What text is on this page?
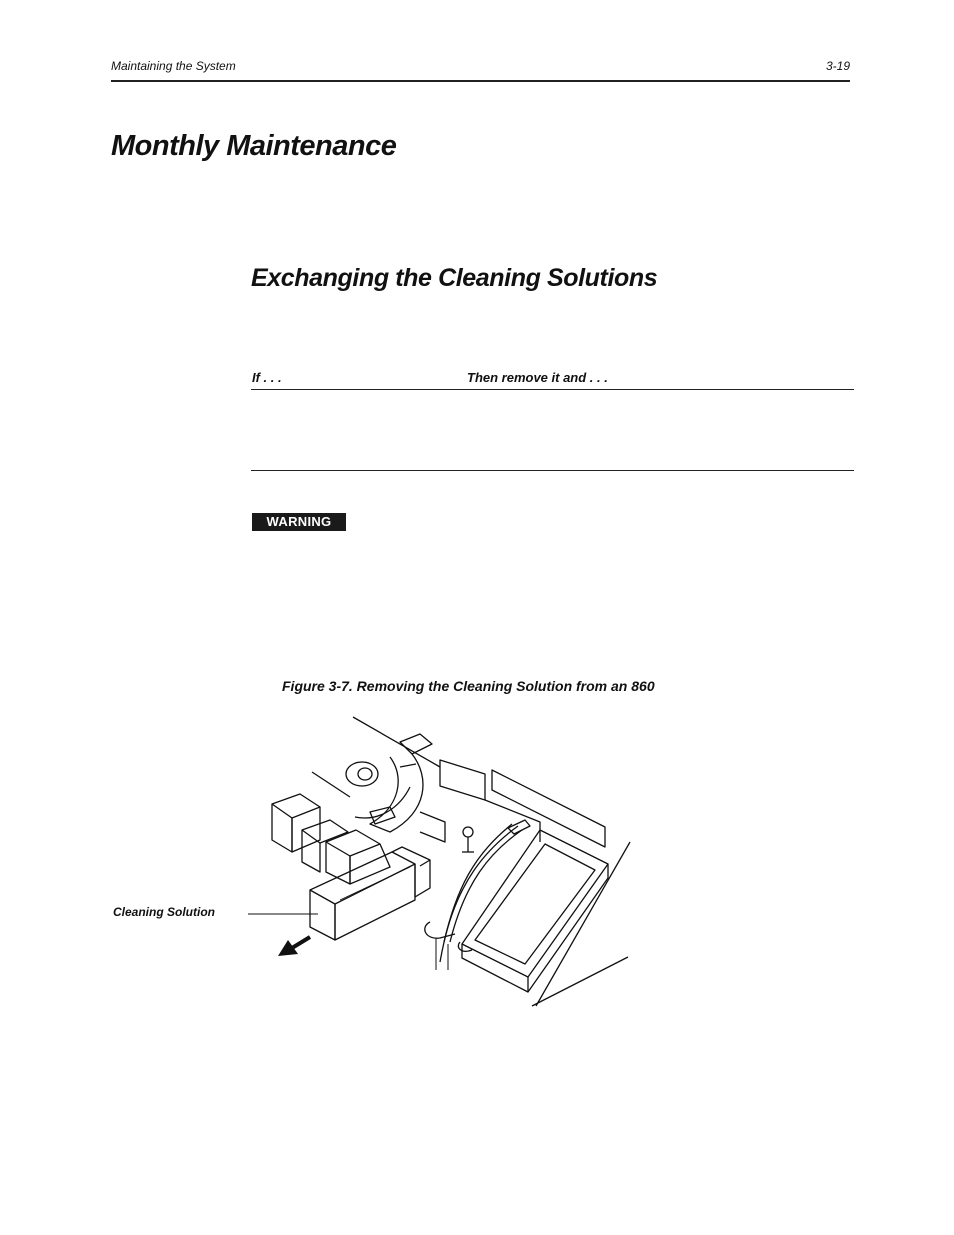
Maintaining the System	3-19
Monthly Maintenance
Exchanging the Cleaning Solutions
If . . .	Then remove it and . . .
WARNING
Figure 3-7. Removing the Cleaning Solution from an 860
Cleaning Solution
